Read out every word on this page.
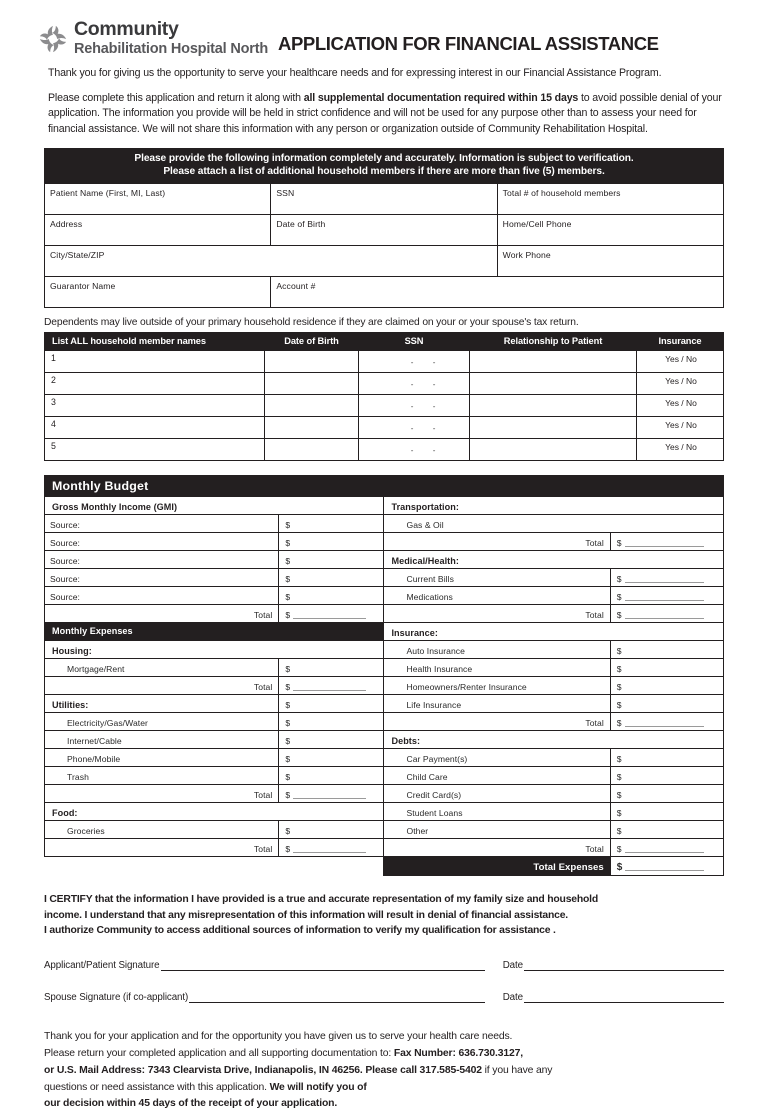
Community
Rehabilitation Hospital North APPLICATION FOR FINANCIAL ASSISTANCE

Thank you for giving us the opportunity to serve your healthcare needs and for expressing interest in our Financial Assistance Program.

Please complete this application and return it along with all supplemental documentation required within 15 days to avoid possible denial of your application. The information you provide will be held in strict confidence and will not be used for any purpose other than to assess your need for financial assistance. We will not share this information with any person or organization outside of Community Rehabilitation Hospital.

Please provide the following information completely and accurately. Information is subject to verification.
Please attach a list of additional household members if there are more than five (5) members.		

Patient Name (First, MI, Last)	SSN	Total # of household members
Address	Date of Birth	Home/Cell Phone
City/State/ZIP		Work Phone
Guarantor Name	Account #	
Dependents may live outside of your primary household residence if they are claimed on your or your spouse's tax return.
List ALL household member names	Date of Birth	SSN	Relationship to Patient	Insurance
1		- -		Yes / No
2		- -		Yes / No
3		- -		Yes / No
4		- -		Yes / No
5		- -		Yes / No
Monthly Budget			
Gross Monthly Income (GMI)		Transportation:	
Source:	$	Gas & Oil	
Source:	$	Total	$
Source:	$	Medical/Health:	
Source:	$	Current Bills	$
Source:	$	Medications	$
Total	$	Total	$
Monthly Expenses		Insurance:	
Housing:		Auto Insurance	$
Mortgage/Rent	$	Health Insurance	$
Total	$	Homeowners/Renter Insurance	$
Utilities:	$	Life Insurance	$
Electricity/Gas/Water	$	Total	$
Internet/Cable	$	Debts:	
Phone/Mobile	$	Car Payment(s)	$
Trash	$	Child Care	$
Total	$	Credit Card(s)	$
Food:		Student Loans	$
Groceries	$	Other	$
Total	$	Total	$
		Total Expenses	$
I CERTIFY that the information I have provided is a true and accurate representation of my family size and household
income. I understand that any misrepresentation of this information will result in denial of financial assistance.
I authorize Community to access additional sources of information to verify my qualification for assistance .
Applicant/Patient Signature	Date
Spouse Signature (if co-applicant)	Date
Thank you for your application and for the opportunity you have given us to serve your health care needs.
Please return your completed application and all supporting documentation to: Fax Number: 636.730.3127,
or U.S. Mail Address: 7343 Clearvista Drive, Indianapolis, IN 46256. Please call 317.585-5402 if you have any
questions or need assistance with this application. We will notify you of
our decision within 45 days of the receipt of your application.
